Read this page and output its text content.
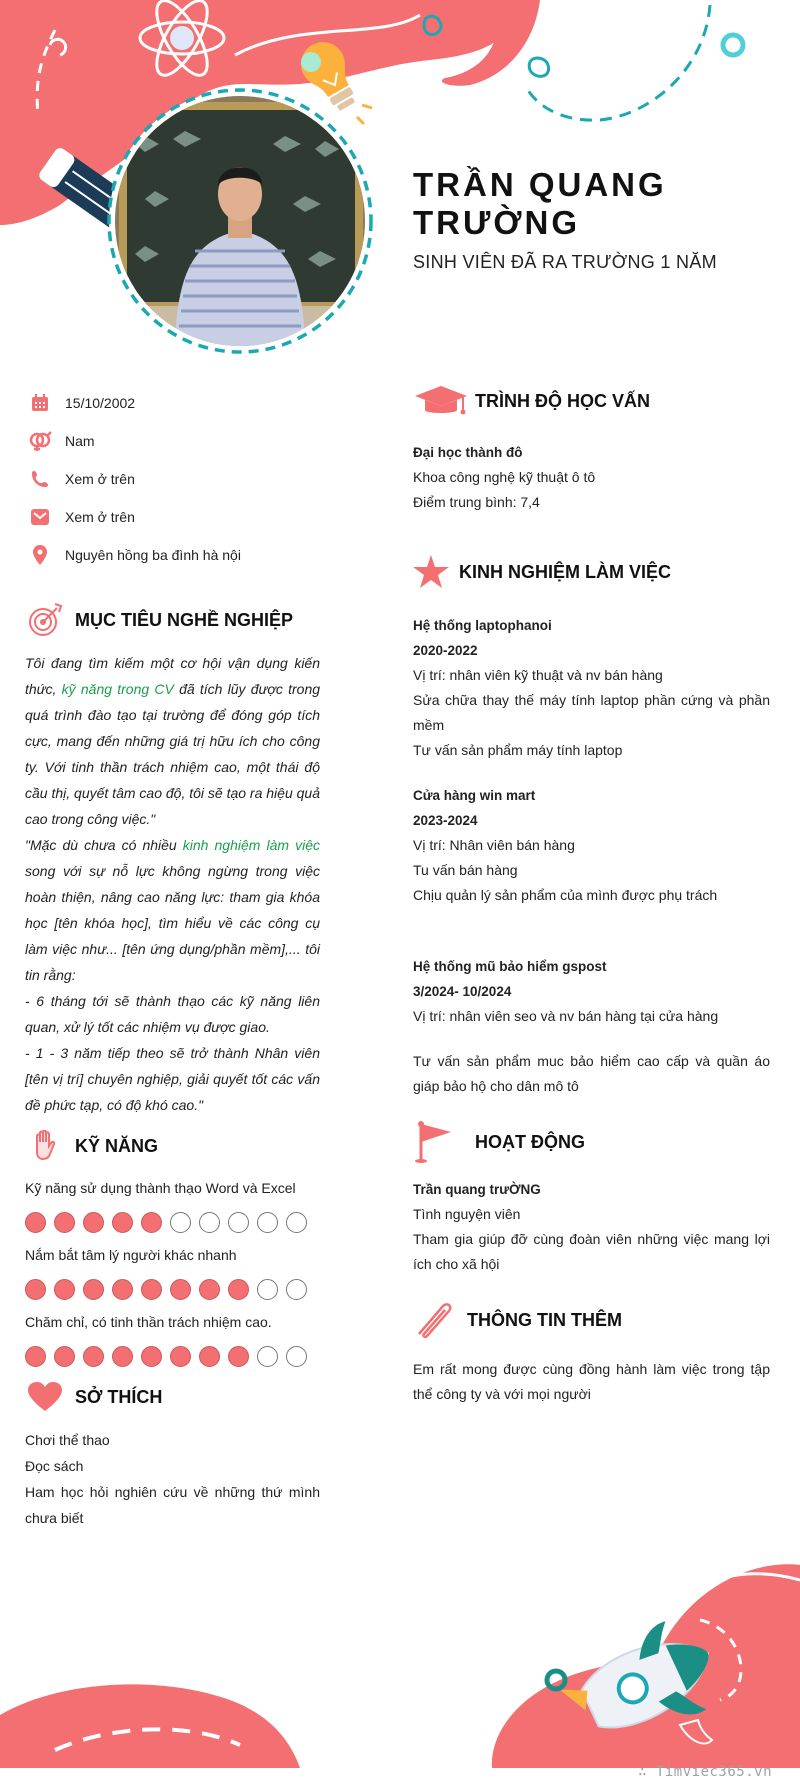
TRẦN QUANG TRƯỜNG
SINH VIÊN ĐÃ RA TRƯỜNG 1 NĂM
15/10/2002
Nam
Xem ở trên
Xem ở trên
Nguyên hồng ba đình hà nội
MỤC TIÊU NGHỀ NGHIỆP
Tôi đang tìm kiếm một cơ hội vận dụng kiến thức, kỹ năng trong CV đã tích lũy được trong quá trình đào tạo tại trường để đóng góp tích cực, mang đến những giá trị hữu ích cho công ty. Với tinh thần trách nhiệm cao, một thái độ cầu thị, quyết tâm cao độ, tôi sẽ tạo ra hiệu quả cao trong công việc."
"Mặc dù chưa có nhiều kinh nghiệm làm việc song với sự nỗ lực không ngừng trong việc hoàn thiện, nâng cao năng lực: tham gia khóa học [tên khóa học], tìm hiểu về các công cụ làm việc như... [tên ứng dụng/phần mềm],... tôi tin rằng:
- 6 tháng tới sẽ thành thạo các kỹ năng liên quan, xử lý tốt các nhiệm vụ được giao.
- 1 - 3 năm tiếp theo sẽ trở thành Nhân viên [tên vị trí] chuyên nghiệp, giải quyết tốt các vấn đề phức tạp, có độ khó cao."
KỸ NĂNG
Kỹ năng sử dụng thành thạo Word và Excel
Nắm bắt tâm lý người khác nhanh
Chăm chỉ, có tinh thần trách nhiệm cao.
SỞ THÍCH
Chơi thể thao
Đọc sách
Ham học hỏi nghiên cứu về những thứ mình chưa biết
TRÌNH ĐỘ HỌC VẤN
Đại học thành đô
Khoa công nghệ kỹ thuật ô tô
Điểm trung bình: 7,4
KINH NGHIỆM LÀM VIỆC
Hệ thống laptophanoi
2020-2022
Vị trí: nhân viên kỹ thuật và nv bán hàng
Sửa chữa thay thế máy tính laptop phần cứng và phần mềm
Tư vấn sản phẩm máy tính laptop
Cửa hàng win mart
2023-2024
Vị trí: Nhân viên bán hàng
Tu vấn bán hàng
Chịu quản lý sản phẩm của mình được phụ trách
Hệ thống mũ bảo hiểm gspost
3/2024- 10/2024
Vị trí: nhân viên seo và nv bán hàng tại cửa hàng
Tư vấn sản phẩm muc bảo hiểm cao cấp và quần áo giáp bảo hộ cho dân mô tô
HOẠT ĐỘNG
Trần quang trưỜNG
Tình nguyện viên
Tham gia giúp đỡ cùng đoàn viên những việc mang lợi ích cho xã hội
THÔNG TIN THÊM
Em rất mong được cùng đồng hành làm việc trong tập thể công ty và với mọi người
∴ Timviec365.vn
